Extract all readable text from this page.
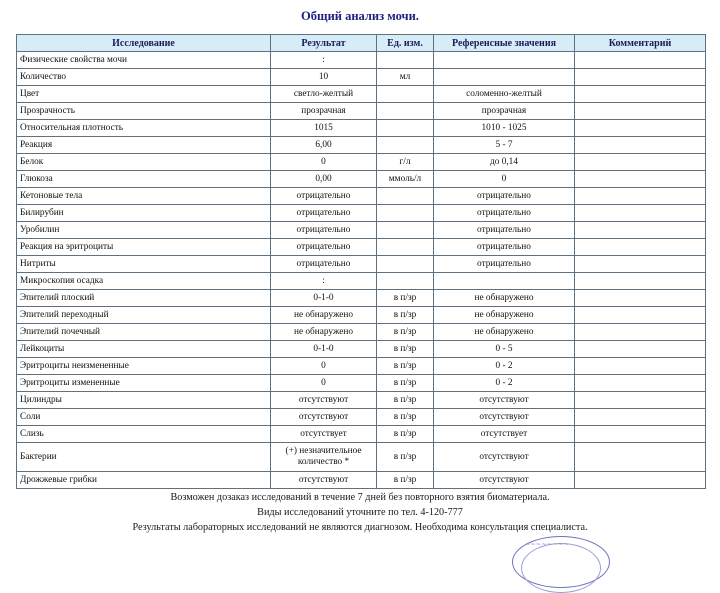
Общий анализ мочи.
Исследование	Результат	Ед. изм.	Референсные значения	Комментарий
Физические свойства мочи	:			
Количество	10	мл		
Цвет	светло-желтый		соломенно-желтый	
Прозрачность	прозрачная		прозрачная	
Относительная плотность	1015		1010 - 1025	
Реакция	6,00		5 - 7	
Белок	0	г/л	до 0,14	
Глюкоза	0,00	ммоль/л	0	
Кетоновые тела	отрицательно		отрицательно	
Билирубин	отрицательно		отрицательно	
Уробилин	отрицательно		отрицательно	
Реакция на эритроциты	отрицательно		отрицательно	
Нитриты	отрицательно		отрицательно	
Микроскопия осадка	:			
Эпителий плоский	0-1-0	в п/зр	не обнаружено	
Эпителий переходный	не обнаружено	в п/зр	не обнаружено	
Эпителий почечный	не обнаружено	в п/зр	не обнаружено	
Лейкоциты	0-1-0	в п/зр	0 - 5	
Эритроциты неизмененные	0	в п/зр	0 - 2	
Эритроциты измененные	0	в п/зр	0 - 2	
Цилиндры	отсутствуют	в п/зр	отсутствуют	
Соли	отсутствуют	в п/зр	отсутствуют	
Слизь	отсутствует	в п/зр	отсутствует	
Бактерии	(+) незначительное количество *	в п/зр	отсутствуют	
Дрожжевые грибки	отсутствуют	в п/зр	отсутствуют	
Возможен дозаказ исследований в течение 7 дней без повторного взятия биоматериала.
Виды исследований уточните по тел. 4-120-777
Результаты лабораторных исследований не являются диагнозом. Необходима консультация специалиста.
~~~~~~~~
